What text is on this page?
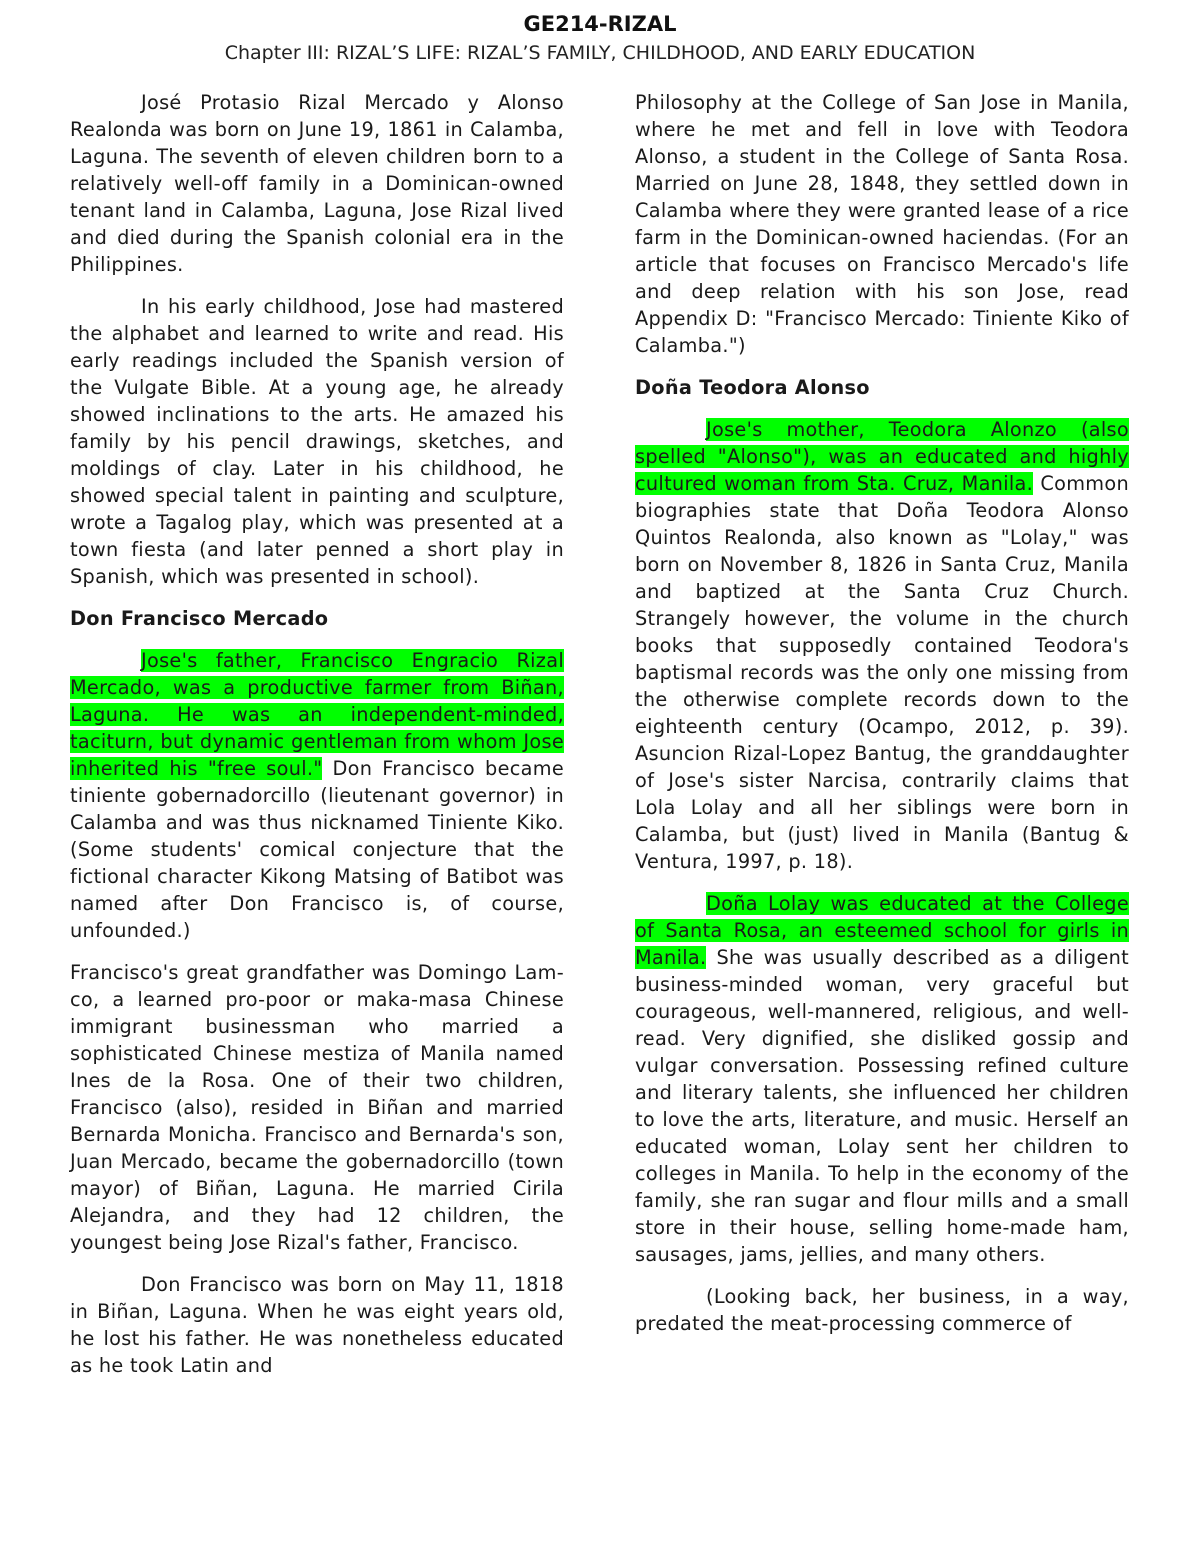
GE214-RIZAL
Chapter III: RIZAL’S LIFE: RIZAL’S FAMILY, CHILDHOOD, AND EARLY EDUCATION

José Protasio Rizal Mercado y Alonso Realonda was born on June 19, 1861 in Calamba, Laguna. The seventh of eleven children born to a relatively well-off family in a Dominican-owned tenant land in Calamba, Laguna, Jose Rizal lived and died during the Spanish colonial era in the Philippines.

In his early childhood, Jose had mastered the alphabet and learned to write and read. His early readings included the Spanish version of the Vulgate Bible. At a young age, he already showed inclinations to the arts. He amazed his family by his pencil drawings, sketches, and moldings of clay. Later in his childhood, he showed special talent in painting and sculpture, wrote a Tagalog play, which was presented at a town fiesta (and later penned a short play in Spanish, which was presented in school).

Don Francisco Mercado

Jose's father, Francisco Engracio Rizal Mercado, was a productive farmer from Biñan, Laguna. He was an independent-minded, taciturn, but dynamic gentleman from whom Jose inherited his "free soul." Don Francisco became tiniente gobernadorcillo (lieutenant governor) in Calamba and was thus nicknamed Tiniente Kiko. (Some students' comical conjecture that the fictional character Kikong Matsing of Batibot was named after Don Francisco is, of course, unfounded.)

Francisco's great grandfather was Domingo Lam-co, a learned pro-poor or maka-masa Chinese immigrant businessman who married a sophisticated Chinese mestiza of Manila named Ines de la Rosa. One of their two children, Francisco (also), resided in Biñan and married Bernarda Monicha. Francisco and Bernarda's son, Juan Mercado, became the gobernadorcillo (town mayor) of Biñan, Laguna. He married Cirila Alejandra, and they had 12 children, the youngest being Jose Rizal's father, Francisco.

Don Francisco was born on May 11, 1818 in Biñan, Laguna. When he was eight years old, he lost his father. He was nonetheless educated as he took Latin and

Philosophy at the College of San Jose in Manila, where he met and fell in love with Teodora Alonso, a student in the College of Santa Rosa. Married on June 28, 1848, they settled down in Calamba where they were granted lease of a rice farm in the Dominican-owned haciendas. (For an article that focuses on Francisco Mercado's life and deep relation with his son Jose, read Appendix D: "Francisco Mercado: Tiniente Kiko of Calamba.")

Doña Teodora Alonso

Jose's mother, Teodora Alonzo (also spelled "Alonso"), was an educated and highly cultured woman from Sta. Cruz, Manila. Common biographies state that Doña Teodora Alonso Quintos Realonda, also known as "Lolay," was born on November 8, 1826 in Santa Cruz, Manila and baptized at the Santa Cruz Church. Strangely however, the volume in the church books that supposedly contained Teodora's baptismal records was the only one missing from the otherwise complete records down to the eighteenth century (Ocampo, 2012, p. 39). Asuncion Rizal-Lopez Bantug, the granddaughter of Jose's sister Narcisa, contrarily claims that Lola Lolay and all her siblings were born in Calamba, but (just) lived in Manila (Bantug & Ventura, 1997, p. 18).

Doña Lolay was educated at the College of Santa Rosa, an esteemed school for girls in Manila. She was usually described as a diligent business-minded woman, very graceful but courageous, well-mannered, religious, and well-read. Very dignified, she disliked gossip and vulgar conversation. Possessing refined culture and literary talents, she influenced her children to love the arts, literature, and music. Herself an educated woman, Lolay sent her children to colleges in Manila. To help in the economy of the family, she ran sugar and flour mills and a small store in their house, selling home-made ham, sausages, jams, jellies, and many others.

(Looking back, her business, in a way, predated the meat-processing commerce of
